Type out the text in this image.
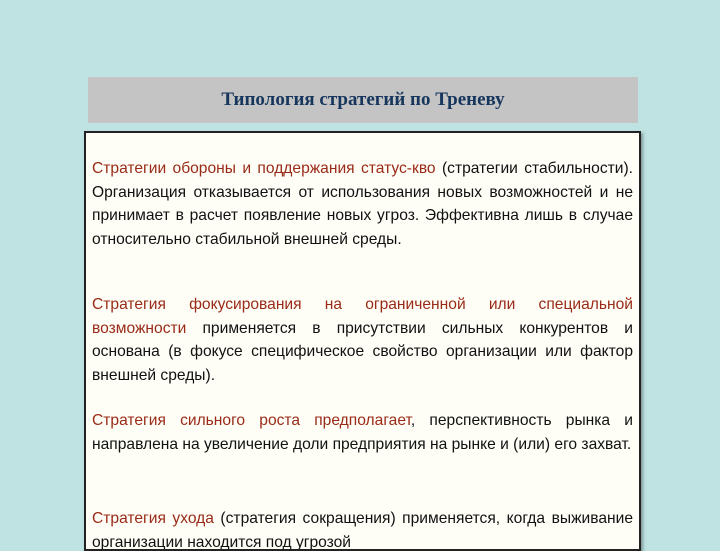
Типология стратегий по Треневу
Стратегии обороны и поддержания статус-кво (стратегии стабильности). Организация отказывается от использования новых возможностей и не принимает в расчет появление новых угроз. Эффективна лишь в случае относительно стабильной внешней среды.
Стратегия фокусирования на ограниченной или специальной возможности применяется в присутствии сильных конкурентов и основана (в фокусе специфическое свойство организации или фактор внешней среды).
Стратегия сильного роста предполагает, перспективность рынка и направлена на увеличение доли предприятия на рынке и (или) его захват.
Стратегия ухода (стратегия сокращения) применяется, когда выживание организации находится под угрозой
